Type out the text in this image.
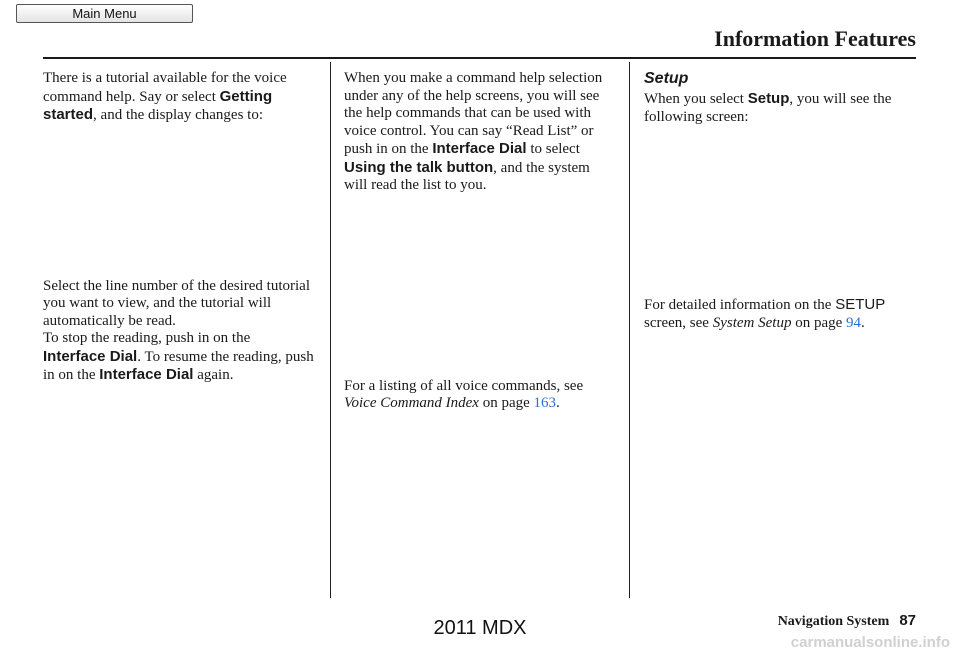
Main Menu
Information Features

There is a tutorial available for the voice command help. Say or select Getting started, and the display changes to:

Select the line number of the desired tutorial you want to view, and the tutorial will automatically be read.
To stop the reading, push in on the Interface Dial. To resume the reading, push in on the Interface Dial again.

When you make a command help selection under any of the help screens, you will see the help commands that can be used with voice control. You can say “Read List” or push in on the Interface Dial to select Using the talk button, and the system will read the list to you.

For a listing of all voice commands, see Voice Command Index on page 163.

Setup

When you select Setup, you will see the following screen:

For detailed information on the SETUP screen, see System Setup on page 94.

Navigation System 87
2011 MDX
carmanualsonline.info
